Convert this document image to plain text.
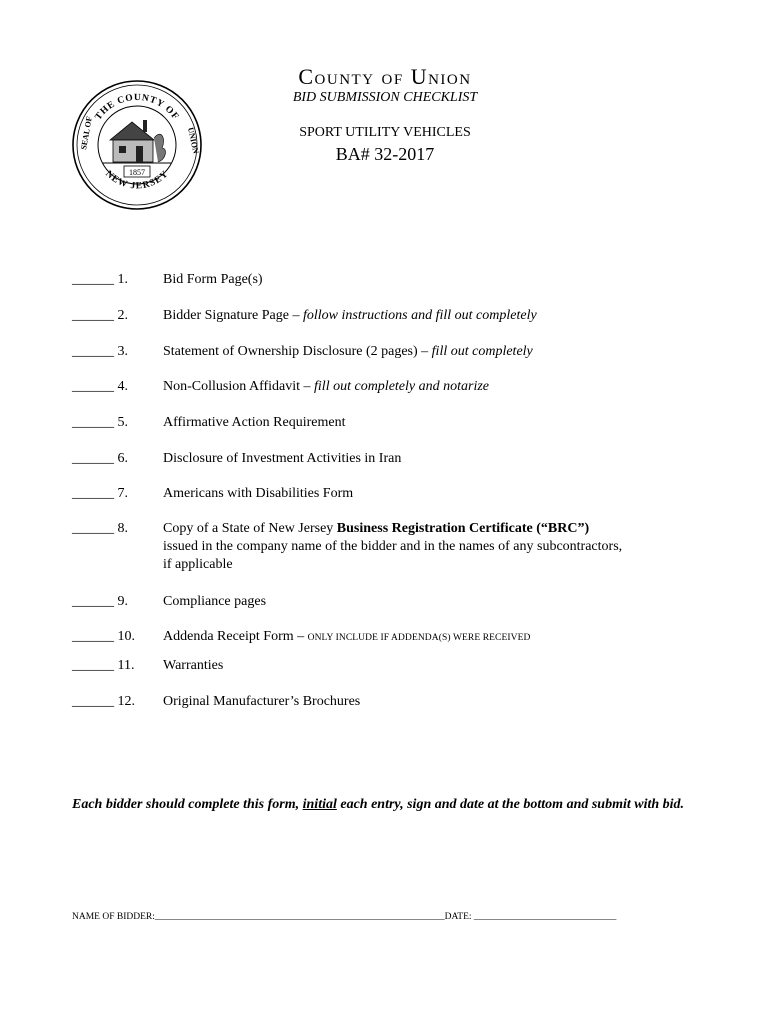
THE COUNTY OF
NEW JERSEY
SEAL OF	UNION
1857
County of Union
BID SUBMISSION CHECKLIST
SPORT UTILITY VEHICLES
BA# 32-2017
______ 1.	Bid Form Page(s)
______ 2.	Bidder Signature Page – follow instructions and fill out completely
______ 3.	Statement of Ownership Disclosure (2 pages) – fill out completely
______ 4.	Non-Collusion Affidavit – fill out completely and notarize
______ 5.	Affirmative Action Requirement
______ 6.	Disclosure of Investment Activities in Iran
______ 7.	Americans with Disabilities Form
______ 8.	Copy of a State of New Jersey Business Registration Certificate (“BRC”)
issued in the company name of the bidder and in the names of any subcontractors,
if applicable
______ 9.	Compliance pages
______ 10. Addenda Receipt Form – ONLY INCLUDE IF ADDENDA(S) WERE RECEIVED
______ 11. Warranties
______ 12. Original Manufacturer’s Brochures
Each bidder should complete this form, initial each entry, sign and date at the bottom and submit with bid.
NAME OF BIDDER:_____________________________________________________________DATE: ______________________________
